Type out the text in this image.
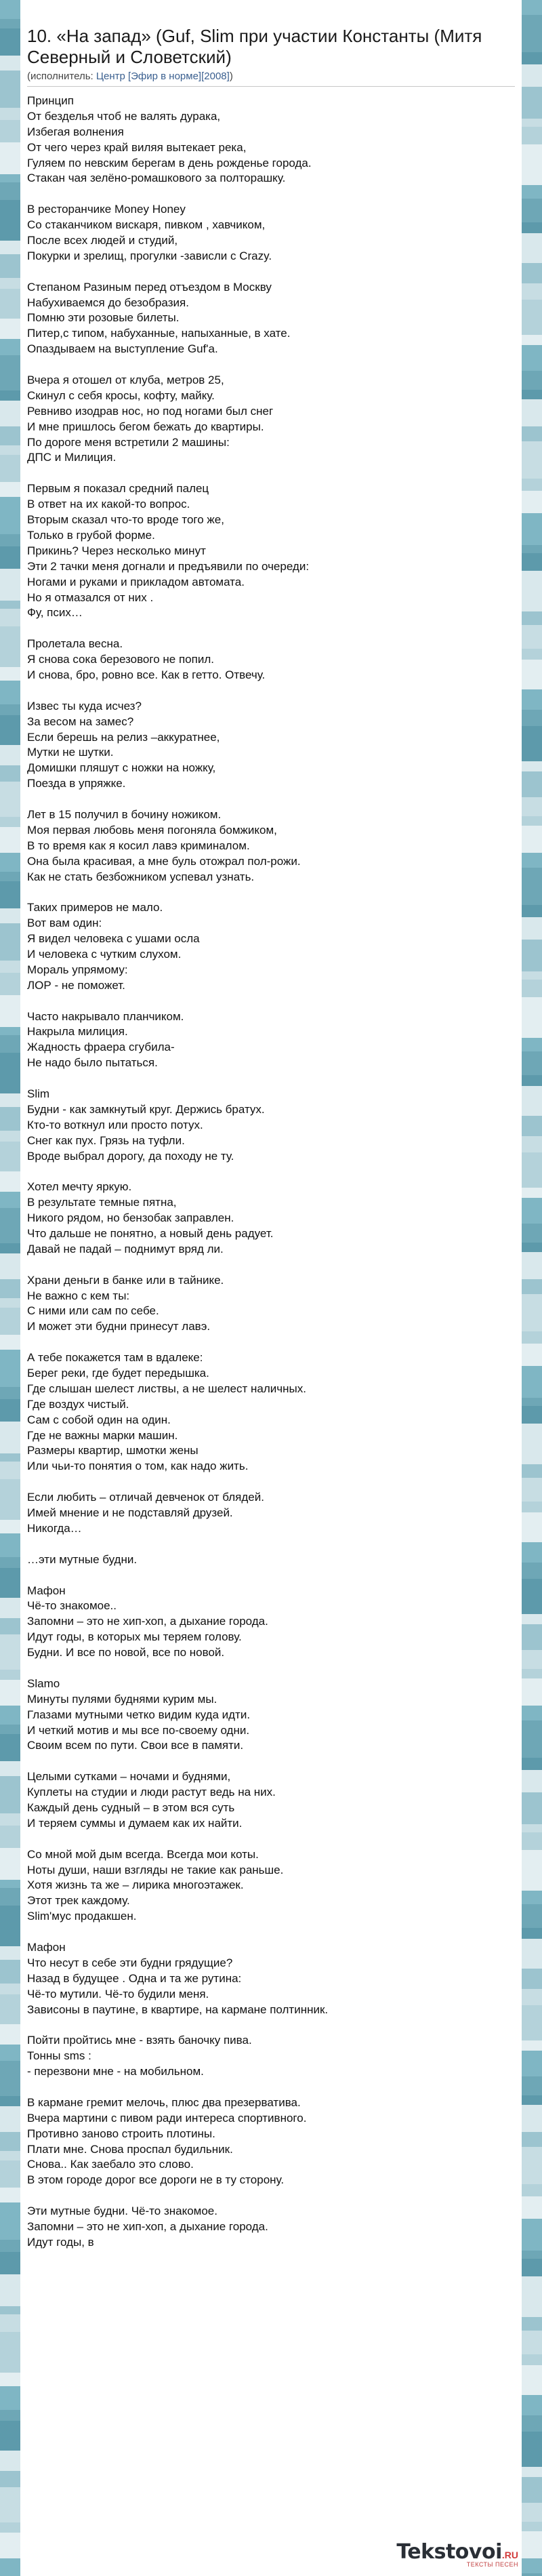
10. «На запад» (Guf, Slim при участии Константы (Митя Северный и Словетский)
(исполнитель: Центр [Эфир в норме][2008])
Принцип
От безделья чтоб не валять дурака,
Избегая волнения
От чего через край виляя вытекает река,
Гуляем по невским берегам в день рожденье города.
Стакан чая зелёно-ромашкового за полторашку.
В ресторанчике Money Honey
Со стаканчиком вискаря, пивком , хавчиком,
После всех людей и студий,
Покурки и зрелищ, прогулки -зависли с Crazy.
Степаном Разиным перед отъездом в Москву
Набухиваемся до безобразия.
Помню эти розовые билеты.
Питер,с типом, набуханные, напыханные, в хате.
Опаздываем на выступление Guf'a.
Вчера я отошел от клуба, метров 25,
Скинул с себя кросы, кофту, майку.
Ревниво изодрав нос, но под ногами был снег
И мне пришлось бегом бежать до квартиры.
По дороге меня встретили 2 машины:
ДПС и Милиция.
Первым я показал средний палец
В ответ на их какой-то вопрос.
Вторым сказал что-то вроде того же,
Только в грубой форме.
Прикинь? Через несколько минут
Эти 2 тачки меня догнали и предъявили по очереди:
Ногами и руками и прикладом автомата.
Но я отмазался от них .
Фу, псих…
Пролетала весна.
Я снова сока березового не попил.
И снова, бро, ровно все. Как в гетто. Отвечу.
Извес ты куда исчез?
За весом на замес?
Если берешь на релиз –аккуратнее,
Мутки не шутки.
Домишки пляшут с ножки на ножку,
Поезда в упряжке.
Лет в 15 получил в бочину ножиком.
Моя первая любовь меня погоняла бомжиком,
В то время как я косил лавэ криминалом.
Она была красивая, а мне буль отожрал пол-рожи.
Как не стать безбожником успевал узнать.
Таких примеров не мало.
Вот вам один:
Я видел человека с ушами осла
И человека с чутким слухом.
Мораль упрямому:
ЛОР - не поможет.
Часто накрывало планчиком.
Накрыла милиция.
Жадность фраера сгубила-
Не надо было пытаться.
Slim
Будни - как замкнутый круг. Держись братух.
Кто-то воткнул или просто потух.
Снег как пух. Грязь на туфли.
Вроде выбрал дорогу, да походу не ту.
Хотел мечту яркую.
В результате темные пятна,
Никого рядом, но бензобак заправлен.
Что дальше не понятно, а новый день радует.
Давай не падай – поднимут вряд ли.
Храни деньги в банке или в тайнике.
Не важно с кем ты:
С ними или сам по себе.
И может эти будни принесут лавэ.
А тебе покажется там в вдалеке:
Берег реки, где будет передышка.
Где слышан шелест листвы, а не шелест наличных.
Где воздух чистый.
Сам с собой один на один.
Где не важны марки машин.
Размеры квартир, шмотки жены
Или чьи-то понятия о том, как надо жить.
Если любить – отличай девченок от блядей.
Имей мнение и не подставляй друзей.
Никогда…
…эти мутные будни.
Мафон
Чё-то знакомое..
Запомни – это не хип-хоп, а дыхание города.
Идут годы, в которых мы теряем голову.
Будни. И все по новой, все по новой.
Slamo
Минуты пулями буднями курим мы.
Глазами мутными четко видим куда идти.
И четкий мотив и мы все по-своему одни.
Своим всем по пути. Свои все в памяти.
Целыми сутками – ночами и буднями,
Куплеты на студии и люди растут ведь на них.
Каждый день судный – в этом вся суть
И теряем суммы и думаем как их найти.
Со мной мой дым всегда. Всегда мои коты.
Ноты души, наши взгляды не такие как раньше.
Хотя жизнь та же – лирика многоэтажек.
Этот трек каждому.
Slim'мус продакшен.
Мафон
Что несут в себе эти будни грядущие?
Назад в будущее . Одна и та же рутина:
Чё-то мутили. Чё-то будили меня.
Зависоны в паутине, в квартире, на кармане полтинник.
Пойти пройтись мне - взять баночку пива.
Тонны sms :
- перезвони мне - на мобильном.
В кармане гремит мелочь, плюс два презерватива.
Вчера мартини с пивом ради интереса спортивного.
Противно заново строить плотины.
Плати мне. Снова проспал будильник.
Снова.. Как заебало это слово.
В этом городе дорог все дороги не в ту сторону.
Эти мутные будни. Чё-то знакомое.
Запомни – это не хип-хоп, а дыхание города.
Идут годы, в
Tekstovoi.RU
ТЕКСТЫ ПЕСЕН
